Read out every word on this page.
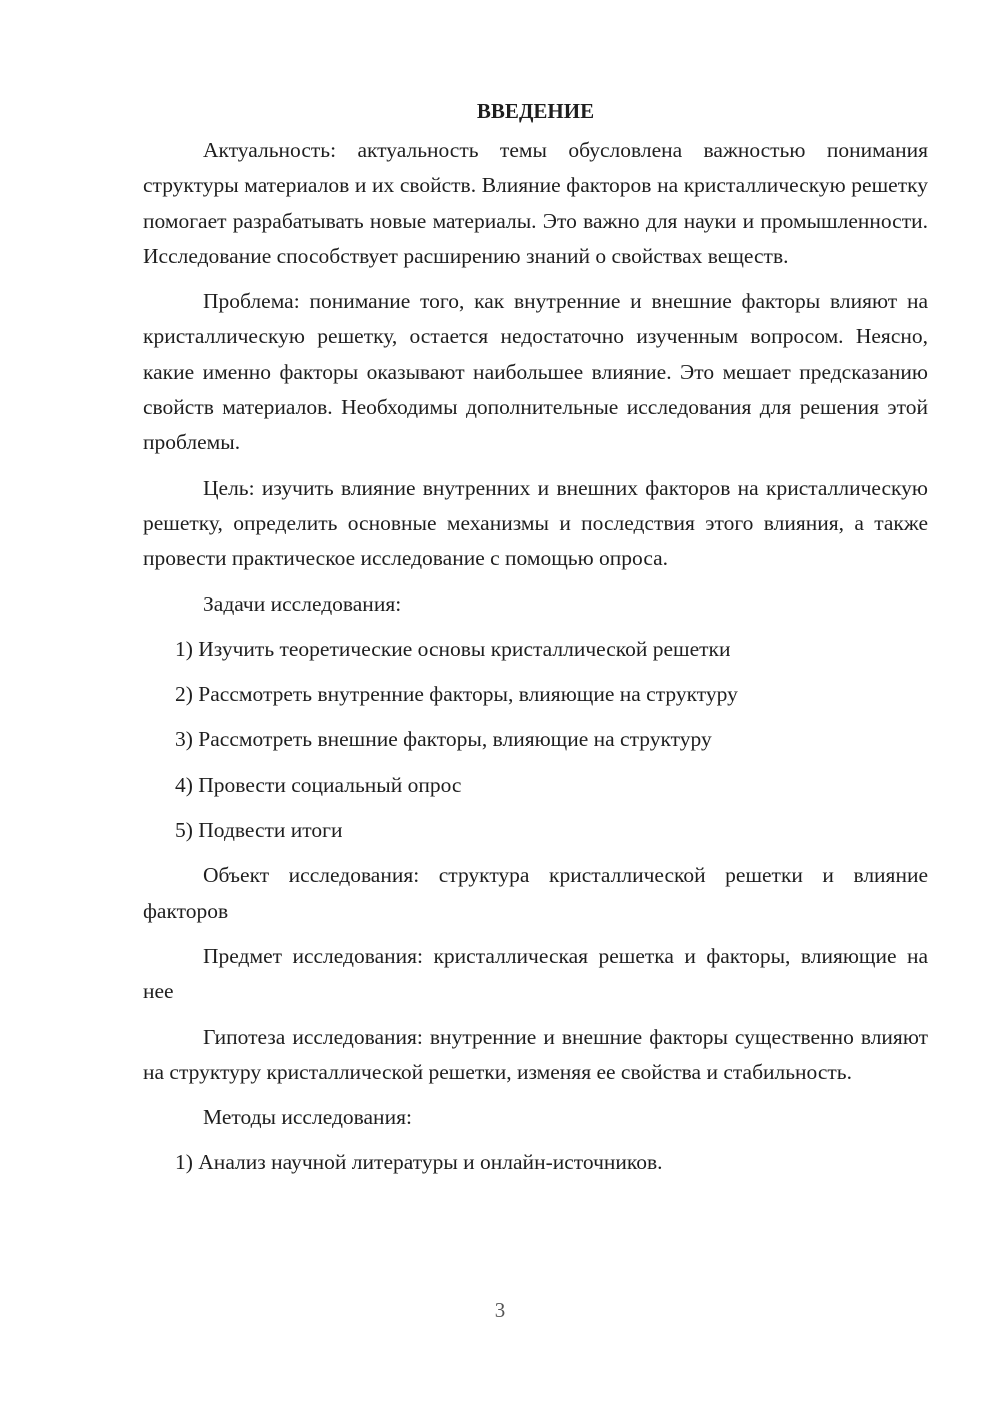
ВВЕДЕНИЕ

Актуальность: актуальность темы обусловлена важностью понимания структуры материалов и их свойств. Влияние факторов на кристаллическую решетку помогает разрабатывать новые материалы. Это важно для науки и промышленности. Исследование способствует расширению знаний о свойствах веществ.

Проблема: понимание того, как внутренние и внешние факторы влияют на кристаллическую решетку, остается недостаточно изученным вопросом. Неясно, какие именно факторы оказывают наибольшее влияние. Это мешает предсказанию свойств материалов. Необходимы дополнительные исследования для решения этой проблемы.

Цель: изучить влияние внутренних и внешних факторов на кристаллическую решетку, определить основные механизмы и последствия этого влияния, а также провести практическое исследование с помощью опроса.

Задачи исследования:

1) Изучить теоретические основы кристаллической решетки

2) Рассмотреть внутренние факторы, влияющие на структуру

3) Рассмотреть внешние факторы, влияющие на структуру

4) Провести социальный опрос

5) Подвести итоги

Объект исследования: структура кристаллической решетки и влияние факторов

Предмет исследования: кристаллическая решетка и факторы, влияющие на нее

Гипотеза исследования: внутренние и внешние факторы существенно влияют на структуру кристаллической решетки, изменяя ее свойства и стабильность.

Методы исследования:

1) Анализ научной литературы и онлайн-источников.

3
